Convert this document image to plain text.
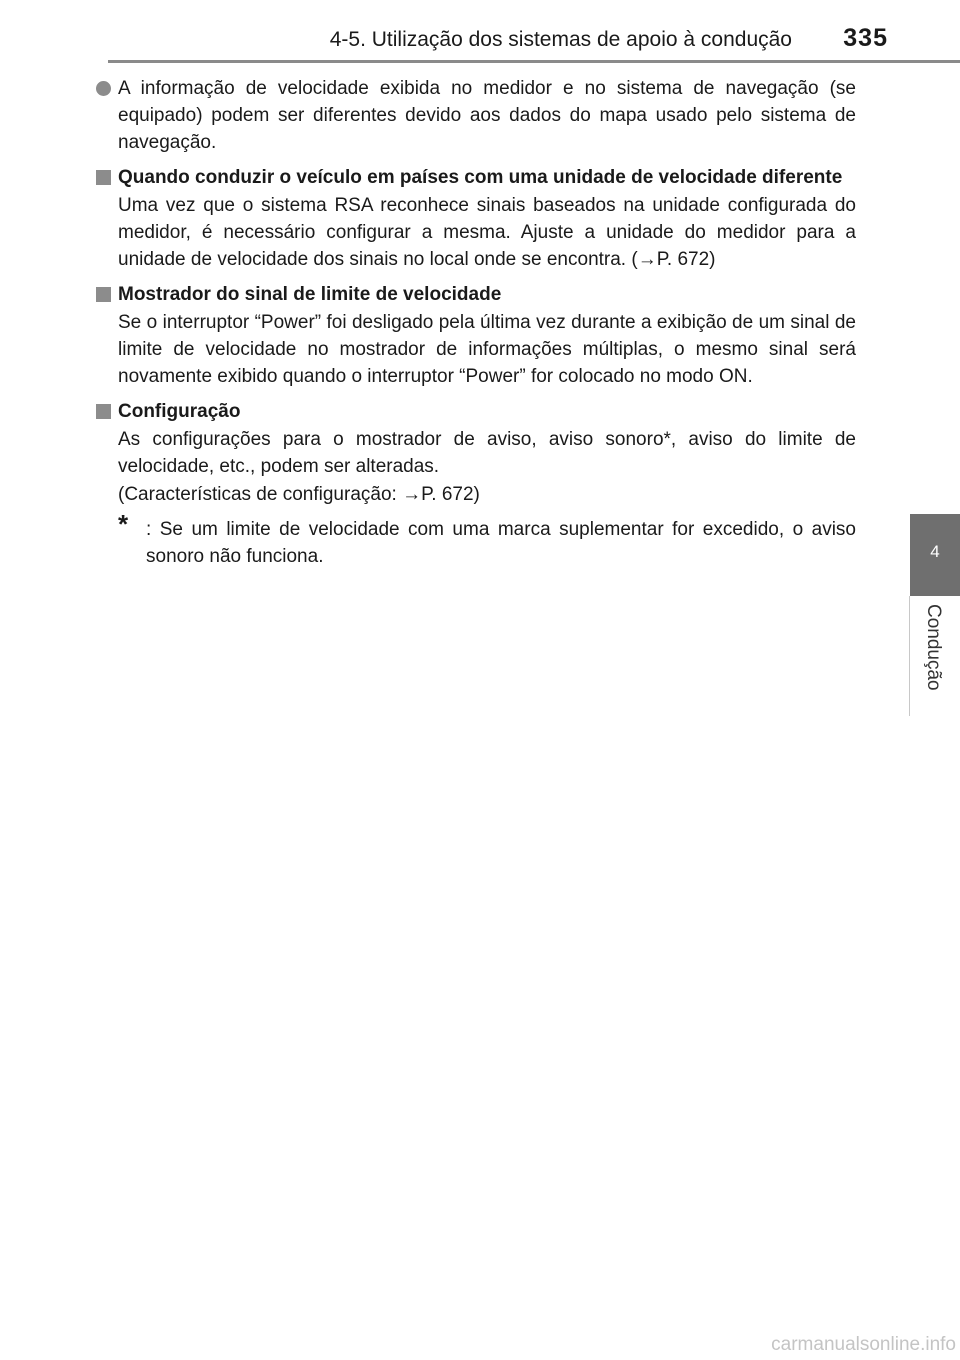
4-5. Utilização dos sistemas de apoio à condução 335
4
Condução
A informação de velocidade exibida no medidor e no sistema de navegação (se equipado) podem ser diferentes devido aos dados do mapa usado pelo sistema de navegação.
Quando conduzir o veículo em países com uma unidade de velocidade diferente
Uma vez que o sistema RSA reconhece sinais baseados na unidade configurada do medidor, é necessário configurar a mesma. Ajuste a unidade do medidor para a unidade de velocidade dos sinais no local onde se encontra. (→P. 672)
Mostrador do sinal de limite de velocidade
Se o interruptor “Power” foi desligado pela última vez durante a exibição de um sinal de limite de velocidade no mostrador de informações múltiplas, o mesmo sinal será novamente exibido quando o interruptor “Power” for colocado no modo ON.
Configuração
As configurações para o mostrador de aviso, aviso sonoro*, aviso do limite de velocidade, etc., podem ser alteradas.
(Características de configuração: →P. 672)
* : Se um limite de velocidade com uma marca suplementar for excedido, o aviso sonoro não funciona.
carmanualsonline.info
